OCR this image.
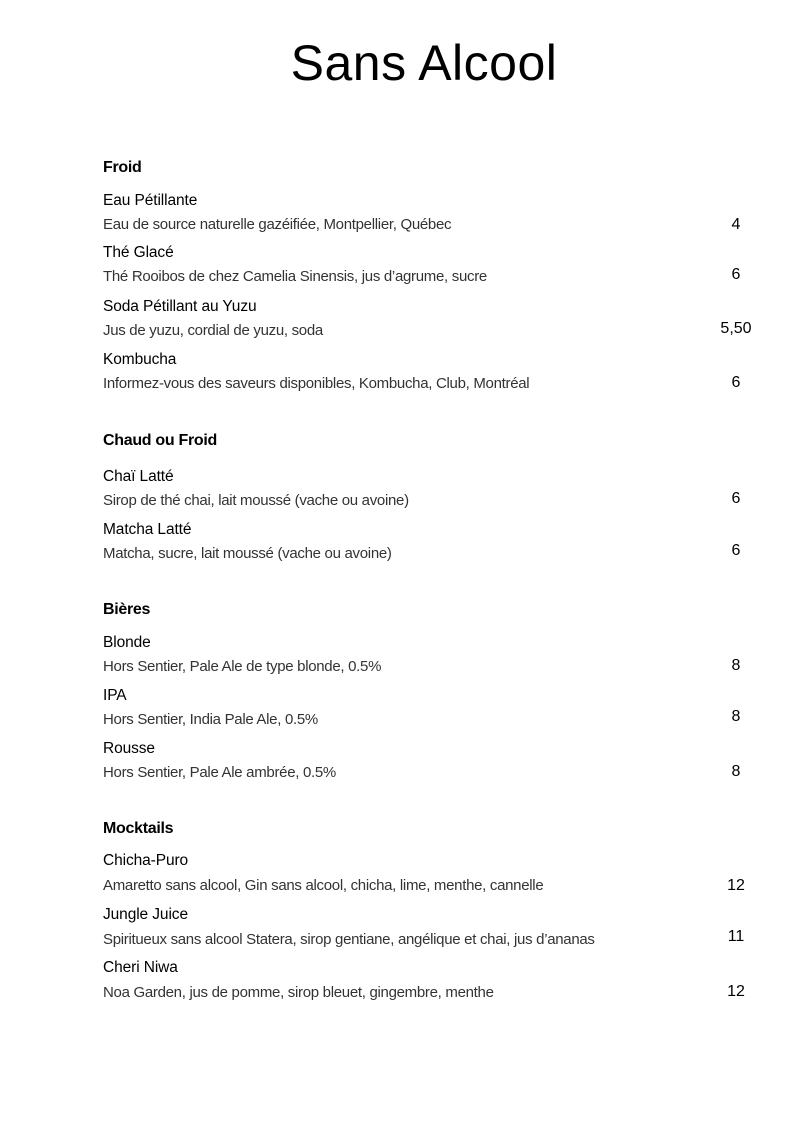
Sans Alcool
Froid
Eau Pétillante
Eau de source naturelle gazéifiée, Montpellier, Québec	4
Thé Glacé
Thé Rooibos de chez Camelia Sinensis, jus d’agrume, sucre	6
Soda Pétillant au Yuzu
Jus de yuzu, cordial de yuzu, soda	5,50
Kombucha
Informez-vous des saveurs disponibles, Kombucha, Club, Montréal	6
Chaud ou Froid
Chaï Latté
Sirop de thé chai, lait moussé (vache ou avoine)	6
Matcha Latté
Matcha, sucre, lait moussé (vache ou avoine)	6
Bières
Blonde
Hors Sentier, Pale Ale de type blonde, 0.5%	8
IPA
Hors Sentier, India Pale Ale, 0.5%	8
Rousse
Hors Sentier, Pale Ale ambrée, 0.5%	8
Mocktails
Chicha-Puro
Amaretto sans alcool, Gin sans alcool, chicha, lime, menthe, cannelle	12
Jungle Juice
Spiritueux sans alcool Statera, sirop gentiane, angélique et chai, jus d’ananas	11
Cheri Niwa
Noa Garden, jus de pomme, sirop bleuet, gingembre, menthe	12
